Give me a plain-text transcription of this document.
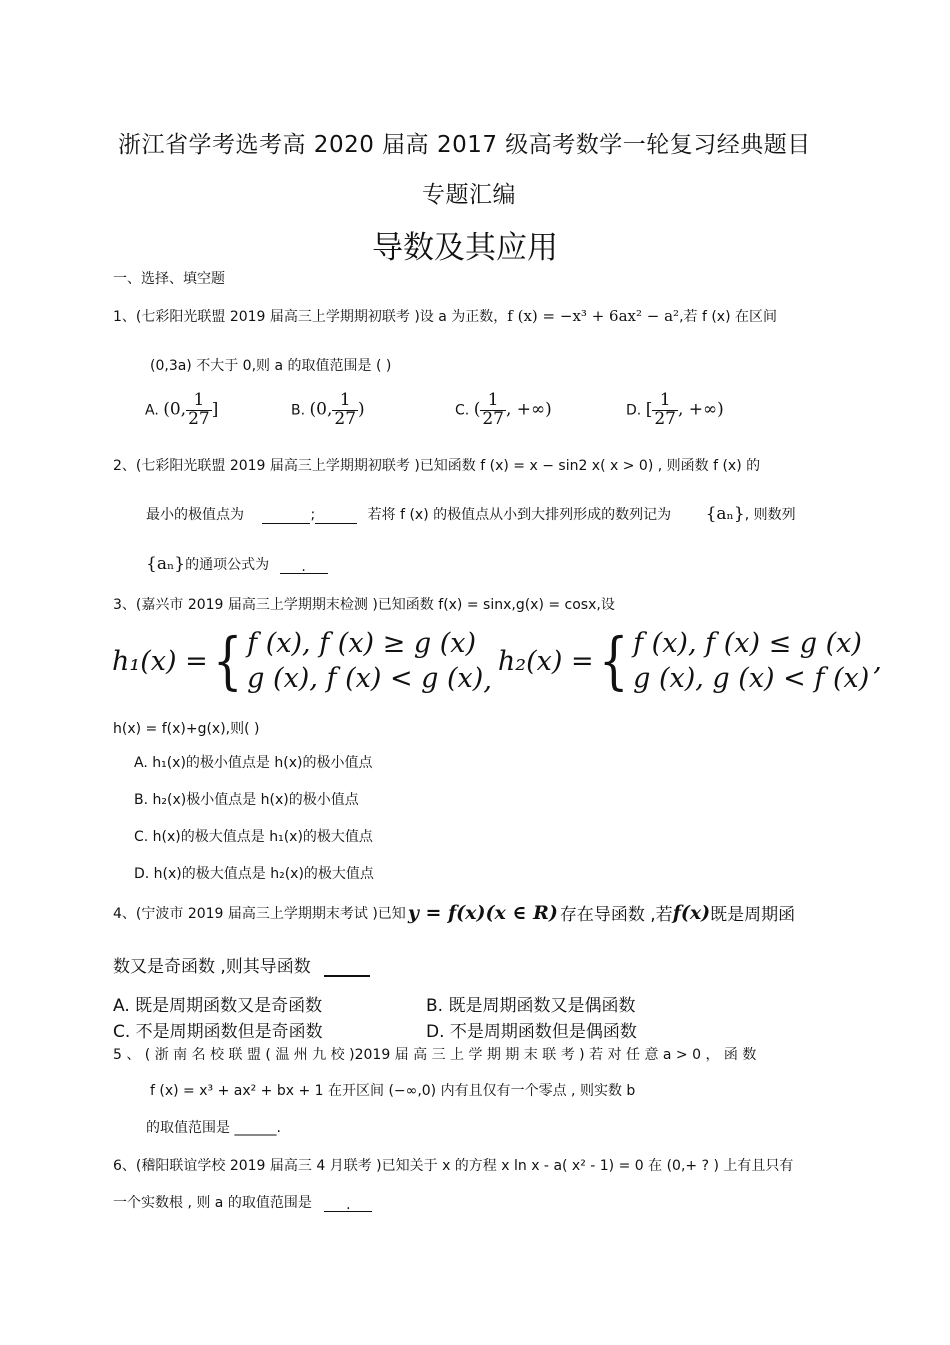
浙江省学考选考高 2020 届高 2017 级高考数学一轮复习经典题目
专题汇编
导数及其应用
一、选择、填空题
1、(七彩阳光联盟 2019 届高三上学期期初联考 )设 a 为正数，f (x) = −x³ + 6ax² − a²,若 f (x) 在区间
(0,3a) 不大于 0,则 a 的取值范围是 ( )
A. (0, $\frac{1}{27}$ ]	B. (0, $\frac{1}{27}$ )	C. ( $\frac{1}{27}$ , +∞)	D. [ $\frac{1}{27}$ , +∞)
2、(七彩阳光联盟 2019 届高三上学期期初联考 )已知函数 f (x) = x − sin2 x( x > 0) , 则函数 f (x) 的
最小的极值点为	;	若将 f (x) 的极值点从小到大排列形成的数列记为 {aₙ}, 则数列
{aₙ}的通项公式为 .
3、(嘉兴市 2019 届高三上学期期末检测 )已知函数 f(x) = sinx,g(x) = cosx,设
h₁(x) = { f (x), f (x) ≥ g (x)
g (x), f (x) < g (x) ,
h₂(x) = { f (x), f (x) ≤ g (x)
g (x), g (x) < f (x)
,
h(x) = f(x)+g(x),则( )
A. h₁(x)的极小值点是 h(x)的极小值点
B. h₂(x)极小值点是 h(x)的极小值点
C. h(x)的极大值点是 h₁(x)的极大值点
D. h(x)的极大值点是 h₂(x)的极大值点
4、(宁波市 2019 届高三上学期期末考试 )已知 y = f(x)(x ∈ R) 存在导函数 ,若 f(x) 既是周期函
数又是奇函数 ,则其导函数
A. 既是周期函数又是奇函数	B. 既是周期函数又是偶函数
C. 不是周期函数但是奇函数	D. 不是周期函数但是偶函数
5 、 ( 浙 南 名 校 联 盟 ( 温 州 九 校 )2019 届 高 三 上 学 期 期 末 联 考 ) 若 对 任 意 a > 0 ， 函 数
f (x) = x³ + ax² + bx + 1 在开区间 (−∞,0) 内有且仅有一个零点 , 则实数 b
的取值范围是 ______.
6、(稽阳联谊学校 2019 届高三 4 月联考 )已知关于 x 的方程 x ln x - a( x² - 1) = 0 在 (0,+ ? ) 上有且只有
一个实数根 , 则 a 的取值范围是 .
